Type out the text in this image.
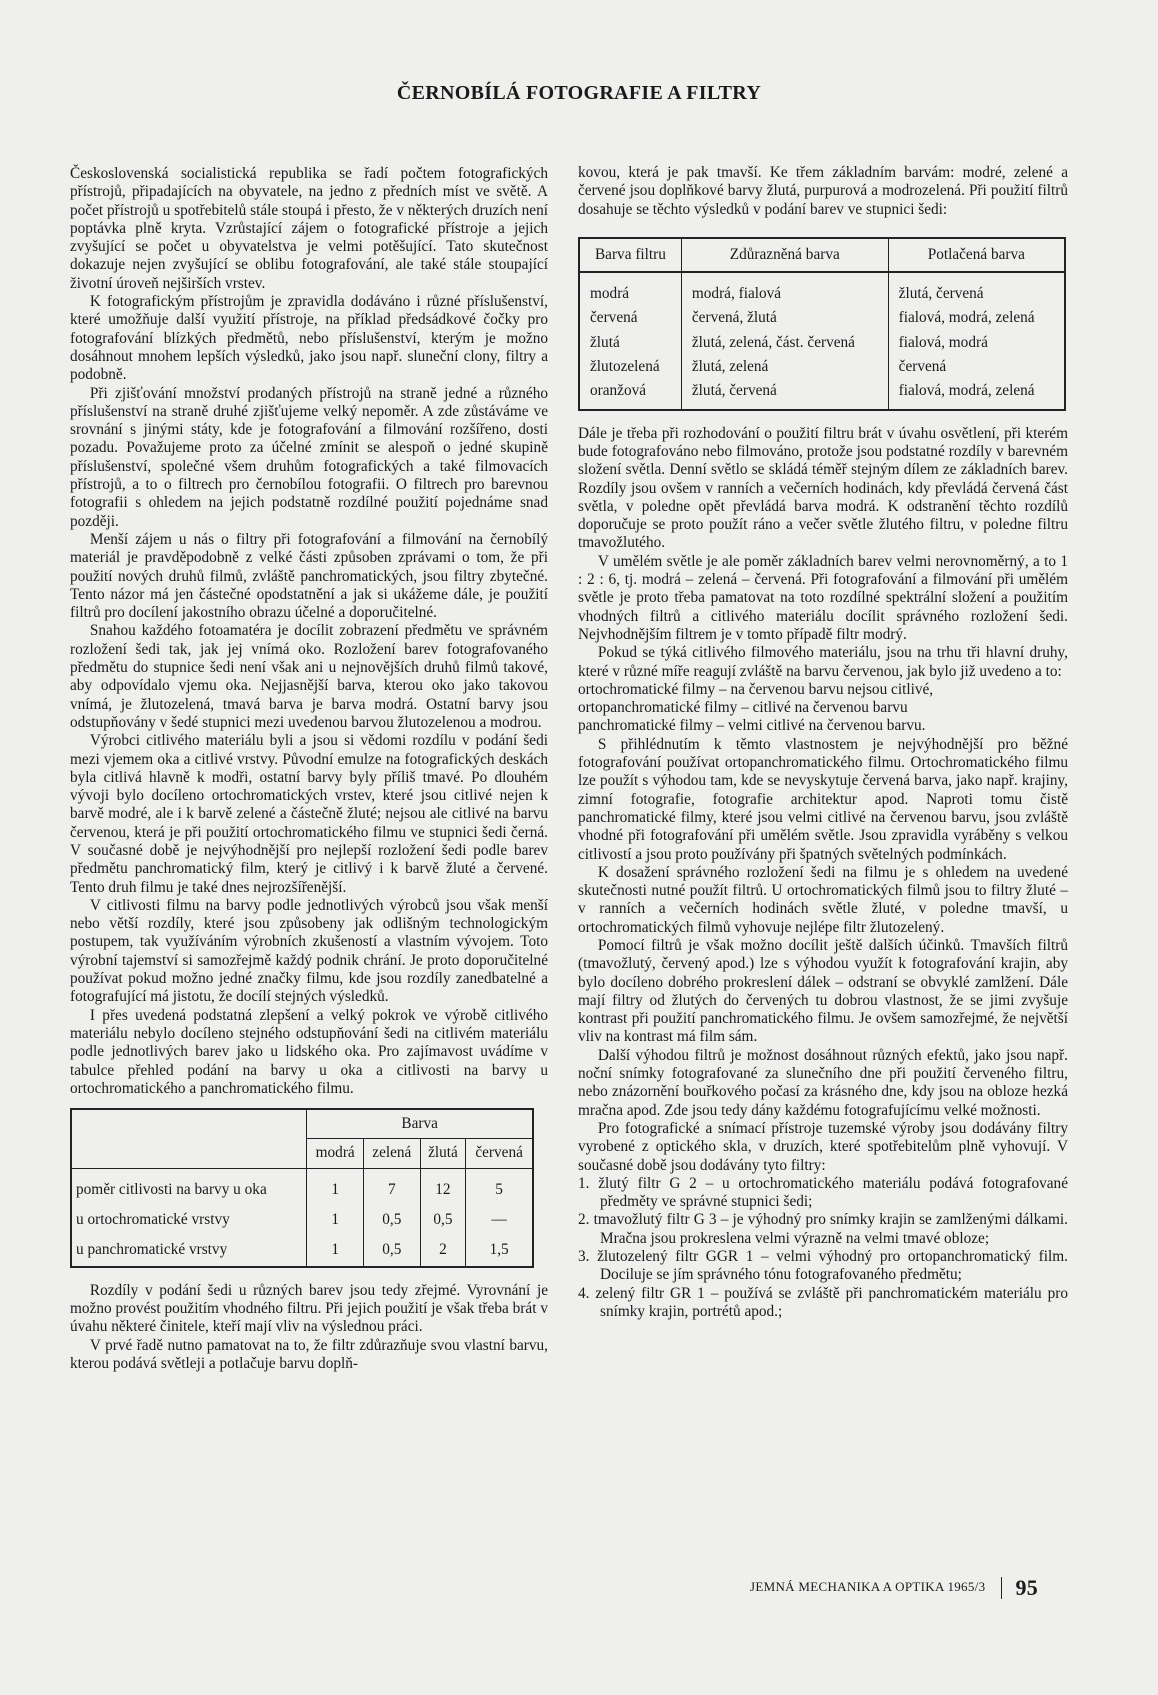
ČERNOBÍLÁ FOTOGRAFIE A FILTRY

Československá socialistická republika se řadí počtem fotografických přístrojů, připadajících na obyvatele, na jedno z předních míst ve světě. A počet přístrojů u spotřebitelů stále stoupá i přesto, že v některých druzích není poptávka plně kryta. Vzrůstající zájem o fotografické přístroje a jejich zvyšující se počet u obyvatelstva je velmi potěšující. Tato skutečnost dokazuje nejen zvyšující se oblibu fotografování, ale také stále stoupající životní úroveň nejširších vrstev.

K fotografickým přístrojům je zpravidla dodáváno i různé příslušenství, které umožňuje další využití přístroje, na příklad předsádkové čočky pro fotografování blízkých předmětů, nebo příslušenství, kterým je možno dosáhnout mnohem lepších výsledků, jako jsou např. sluneční clony, filtry a podobně.

Při zjišťování množství prodaných přístrojů na straně jedné a různého příslušenství na straně druhé zjišťujeme velký nepoměr. A zde zůstáváme ve srovnání s jinými státy, kde je fotografování a filmování rozšířeno, dosti pozadu. Považujeme proto za účelné zmínit se alespoň o jedné skupině příslušenství, společné všem druhům fotografických a také filmovacích přístrojů, a to o filtrech pro černobílou fotografii. O filtrech pro barevnou fotografii s ohledem na jejich podstatně rozdílné použití pojednáme snad později.

Menší zájem u nás o filtry při fotografování a filmování na černobílý materiál je pravděpodobně z velké části způsoben zprávami o tom, že při použití nových druhů filmů, zvláště panchromatických, jsou filtry zbytečné. Tento názor má jen částečné opodstatnění a jak si ukážeme dále, je použití filtrů pro docílení jakostního obrazu účelné a doporučitelné.

Snahou každého fotoamatéra je docílit zobrazení předmětu ve správném rozložení šedi tak, jak jej vnímá oko. Rozložení barev fotografovaného předmětu do stupnice šedi není však ani u nejnovějších druhů filmů takové, aby odpovídalo vjemu oka. Nejjasnější barva, kterou oko jako takovou vnímá, je žlutozelená, tmavá barva je barva modrá. Ostatní barvy jsou odstupňovány v šedé stupnici mezi uvedenou barvou žlutozelenou a modrou.

Výrobci citlivého materiálu byli a jsou si vědomi rozdílu v podání šedi mezi vjemem oka a citlivé vrstvy. Původní emulze na fotografických deskách byla citlivá hlavně k modři, ostatní barvy byly příliš tmavé. Po dlouhém vývoji bylo docíleno ortochromatických vrstev, které jsou citlivé nejen k barvě modré, ale i k barvě zelené a částečně žluté; nejsou ale citlivé na barvu červenou, která je při použití ortochromatického filmu ve stupnici šedi černá. V současné době je nejvýhodnější pro nejlepší rozložení šedi podle barev předmětu panchromatický film, který je citlivý i k barvě žluté a červené. Tento druh filmu je také dnes nejrozšířenější.

V citlivosti filmu na barvy podle jednotlivých výrobců jsou však menší nebo větší rozdíly, které jsou způsobeny jak odlišným technologickým postupem, tak využíváním výrobních zkušeností a vlastním vývojem. Toto výrobní tajemství si samozřejmě každý podnik chrání. Je proto doporučitelné používat pokud možno jedné značky filmu, kde jsou rozdíly zanedbatelné a fotografující má jistotu, že docílí stejných výsledků.

I přes uvedená podstatná zlepšení a velký pokrok ve výrobě citlivého materiálu nebylo docíleno stejného odstupňování šedi na citlivém materiálu podle jednotlivých barev jako u lidského oka. Pro zajímavost uvádíme v tabulce přehled podání na barvy u oka a citlivosti na barvy u ortochromatického a panchromatického filmu.

	Barva			
	modrá	zelená	žlutá	červená
poměr citlivosti na barvy u oka	1	7	12	5
u ortochromatické vrstvy	1	0,5	0,5	—
u panchromatické vrstvy	1	0,5	2	1,5

Rozdíly v podání šedi u různých barev jsou tedy zřejmé. Vyrovnání je možno provést použitím vhodného filtru. Při jejich použití je však třeba brát v úvahu některé činitele, kteří mají vliv na výslednou práci.

V prvé řadě nutno pamatovat na to, že filtr zdůrazňuje svou vlastní barvu, kterou podává světleji a potlačuje barvu doplň-

kovou, která je pak tmavší. Ke třem základním barvám: modré, zelené a červené jsou doplňkové barvy žlutá, purpurová a modrozelená. Při použití filtrů dosahuje se těchto výsledků v podání barev ve stupnici šedi:

Barva filtru	Zdůrazněná barva	Potlačená barva
modrá	modrá, fialová	žlutá, červená
červená	červená, žlutá	fialová, modrá, zelená
žlutá	žlutá, zelená, část. červená	fialová, modrá
žlutozelená	žlutá, zelená	červená
oranžová	žlutá, červená	fialová, modrá, zelená

Dále je třeba při rozhodování o použití filtru brát v úvahu osvětlení, při kterém bude fotografováno nebo filmováno, protože jsou podstatné rozdíly v barevném složení světla. Denní světlo se skládá téměř stejným dílem ze základních barev. Rozdíly jsou ovšem v ranních a večerních hodinách, kdy převládá červená část světla, v poledne opět převládá barva modrá. K odstranění těchto rozdílů doporučuje se proto použít ráno a večer světle žlutého filtru, v poledne filtru tmavožlutého.

V umělém světle je ale poměr základních barev velmi nerovnoměrný, a to 1 : 2 : 6, tj. modrá – zelená – červená. Při fotografování a filmování při umělém světle je proto třeba pamatovat na toto rozdílné spektrální složení a použitím vhodných filtrů a citlivého materiálu docílit správného rozložení šedi. Nejvhodnějším filtrem je v tomto případě filtr modrý.

Pokud se týká citlivého filmového materiálu, jsou na trhu tři hlavní druhy, které v různé míře reagují zvláště na barvu červenou, jak bylo již uvedeno a to:

ortochromatické filmy – na červenou barvu nejsou citlivé,

ortopanchromatické filmy – citlivé na červenou barvu

panchromatické filmy – velmi citlivé na červenou barvu.

S přihlédnutím k těmto vlastnostem je nejvýhodnější pro běžné fotografování používat ortopanchromatického filmu. Ortochromatického filmu lze použít s výhodou tam, kde se nevyskytuje červená barva, jako např. krajiny, zimní fotografie, fotografie architektur apod. Naproti tomu čistě panchromatické filmy, které jsou velmi citlivé na červenou barvu, jsou zvláště vhodné při fotografování při umělém světle. Jsou zpravidla vyráběny s velkou citlivostí a jsou proto používány při špatných světelných podmínkách.

K dosažení správného rozložení šedi na filmu je s ohledem na uvedené skutečnosti nutné použít filtrů. U ortochromatických filmů jsou to filtry žluté – v ranních a večerních hodinách světle žluté, v poledne tmavší, u ortochromatických filmů vyhovuje nejlépe filtr žlutozelený.

Pomocí filtrů je však možno docílit ještě dalších účinků. Tmavších filtrů (tmavožlutý, červený apod.) lze s výhodou využít k fotografování krajin, aby bylo docíleno dobrého prokreslení dálek – odstraní se obvyklé zamlžení. Dále mají filtry od žlutých do červených tu dobrou vlastnost, že se jimi zvyšuje kontrast při použití panchromatického filmu. Je ovšem samozřejmé, že největší vliv na kontrast má film sám.

Další výhodou filtrů je možnost dosáhnout různých efektů, jako jsou např. noční snímky fotografované za slunečního dne při použití červeného filtru, nebo znázornění bouřkového počasí za krásného dne, kdy jsou na obloze hezká mračna apod. Zde jsou tedy dány každému fotografujícímu velké možnosti.

Pro fotografické a snímací přístroje tuzemské výroby jsou dodávány filtry vyrobené z optického skla, v druzích, které spotřebitelům plně vyhovují. V současné době jsou dodávány tyto filtry:

1. žlutý filtr G 2 – u ortochromatického materiálu podává fotografované předměty ve správné stupnici šedi;
2. tmavožlutý filtr G 3 – je výhodný pro snímky krajin se zamlženými dálkami. Mračna jsou prokreslena velmi výrazně na velmi tmavé obloze;
3. žlutozelený filtr GGR 1 – velmi výhodný pro ortopanchromatický film. Dociluje se jím správného tónu fotografovaného předmětu;
4. zelený filtr GR 1 – používá se zvláště při panchromatickém materiálu pro snímky krajin, portrétů apod.;
JEMNÁ MECHANIKA A OPTIKA 1965/3 95
